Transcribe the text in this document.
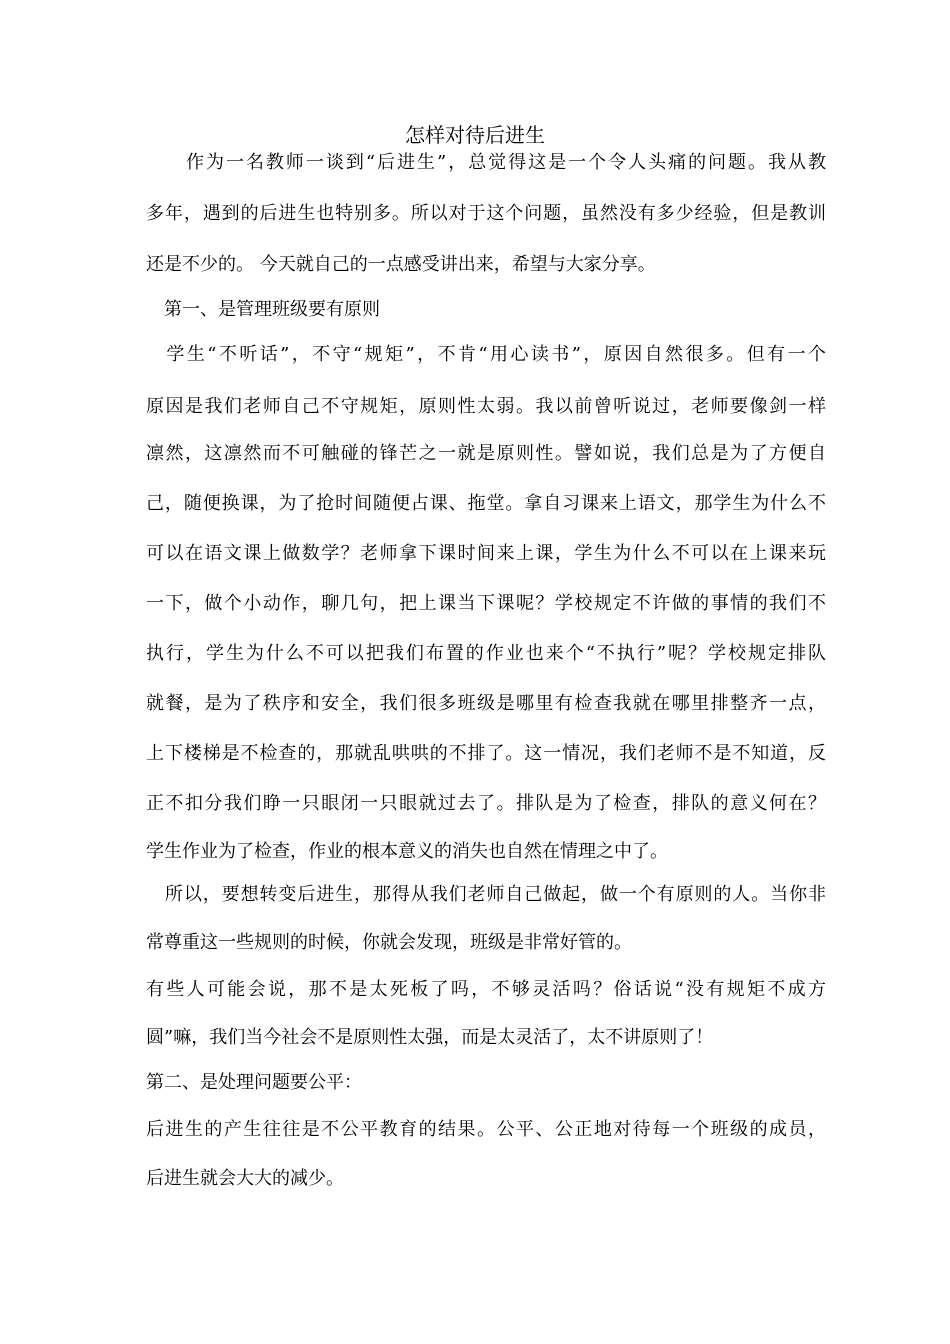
怎样对待后进生
　　作为一名教师一谈到“后进生”，总觉得这是一个令人头痛的问题。我从教
多年，遇到的后进生也特别多。所以对于这个问题，虽然没有多少经验，但是教训
还是不少的。 今天就自己的一点感受讲出来，希望与大家分享。
　第一、是管理班级要有原则
　学生“不听话”，不守“规矩”，不肯“用心读书”，原因自然很多。但有一个
原因是我们老师自己不守规矩，原则性太弱。我以前曾听说过，老师要像剑一样
凛然，这凛然而不可触碰的锋芒之一就是原则性。譬如说，我们总是为了方便自
己，随便换课，为了抢时间随便占课、拖堂。拿自习课来上语文，那学生为什么不
可以在语文课上做数学？老师拿下课时间来上课，学生为什么不可以在上课来玩
一下，做个小动作，聊几句，把上课当下课呢？学校规定不许做的事情的我们不
执行，学生为什么不可以把我们布置的作业也来个“不执行”呢？学校规定排队
就餐，是为了秩序和安全，我们很多班级是哪里有检查我就在哪里排整齐一点，
上下楼梯是不检查的，那就乱哄哄的不排了。这一情况，我们老师不是不知道，反
正不扣分我们睁一只眼闭一只眼就过去了。排队是为了检查，排队的意义何在？
学生作业为了检查，作业的根本意义的消失也自然在情理之中了。
　所以，要想转变后进生，那得从我们老师自己做起，做一个有原则的人。当你非
常尊重这一些规则的时候，你就会发现，班级是非常好管的。
有些人可能会说，那不是太死板了吗，不够灵活吗？俗话说“没有规矩不成方
圆”嘛，我们当今社会不是原则性太强，而是太灵活了，太不讲原则了！
第二、是处理问题要公平：
后进生的产生往往是不公平教育的结果。公平、公正地对待每一个班级的成员，
后进生就会大大的减少。
